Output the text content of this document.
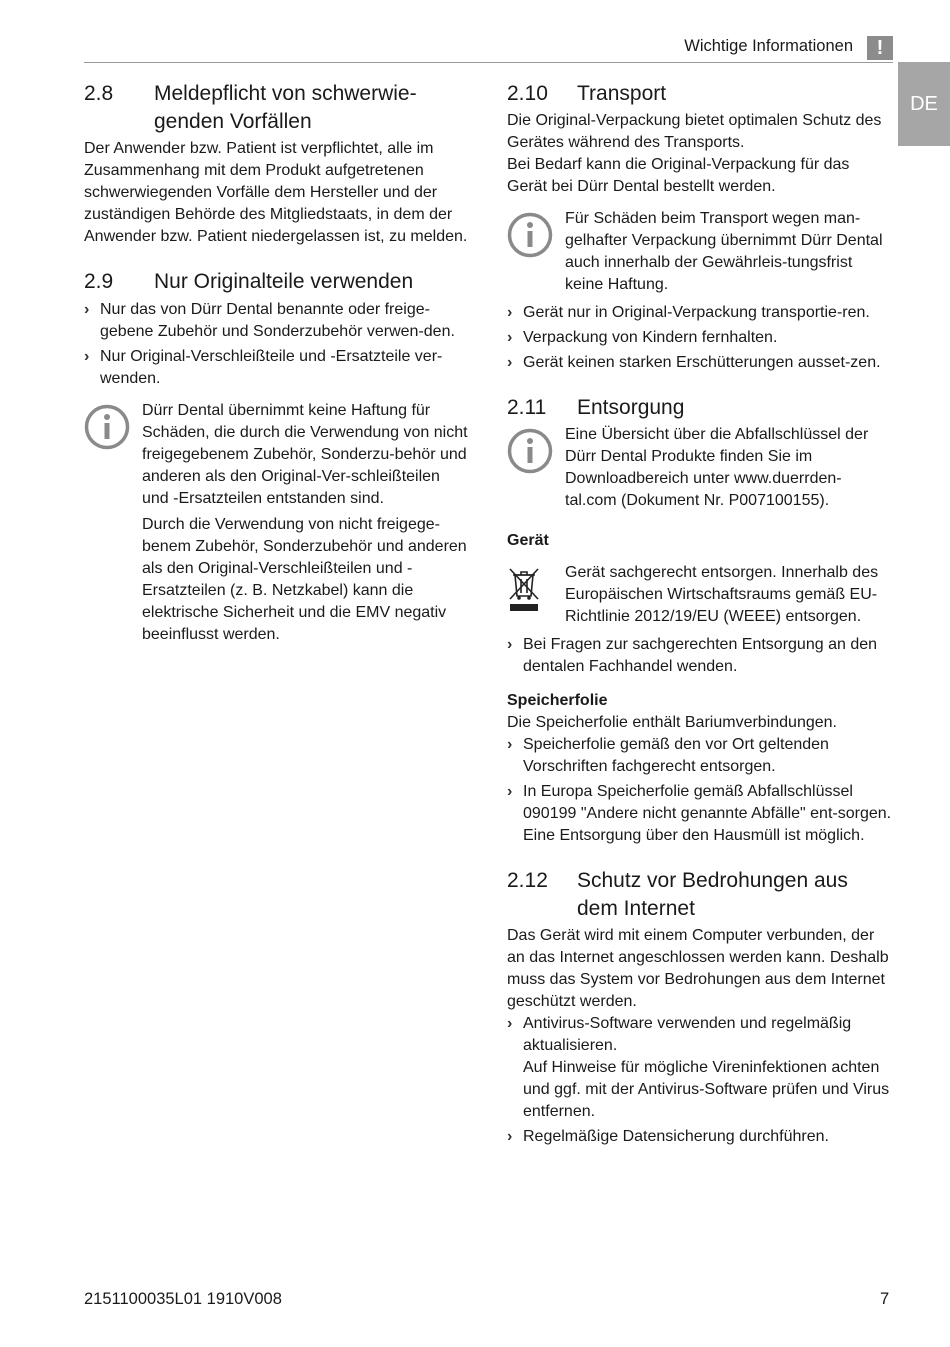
Wichtige Informationen	!
DE
2.8	Meldepflicht von schwerwie-
genden Vorfällen

Der Anwender bzw. Patient ist verpflichtet, alle im Zusammenhang mit dem Produkt aufgetretenen schwerwiegenden Vorfälle dem Hersteller und der zuständigen Behörde des Mitgliedstaats, in dem der Anwender bzw. Patient niedergelassen ist, zu melden.

2.9	Nur Originalteile verwenden
› Nur das von Dürr Dental benannte oder freige-gebene Zubehör und Sonderzubehör verwen-den.
› Nur Original-Verschleißteile und -Ersatzteile ver-wenden.

Dürr Dental übernimmt keine Haftung für Schäden, die durch die Verwendung von nicht freigegebenem Zubehör, Sonderzu-behör und anderen als den Original-Ver-schleißteilen und -Ersatzteilen entstanden sind.

Durch die Verwendung von nicht freigege-benem Zubehör, Sonderzubehör und anderen als den Original-Verschleißteilen und -Ersatzteilen (z. B. Netzkabel) kann die elektrische Sicherheit und die EMV negativ beeinflusst werden.

2.10	Transport

Die Original-Verpackung bietet optimalen Schutz des Gerätes während des Transports.

Bei Bedarf kann die Original-Verpackung für das Gerät bei Dürr Dental bestellt werden.

Für Schäden beim Transport wegen man-gelhafter Verpackung übernimmt Dürr Dental auch innerhalb der Gewährleis-tungsfrist keine Haftung.

› Gerät nur in Original-Verpackung transportie-ren.
› Verpackung von Kindern fernhalten.
› Gerät keinen starken Erschütterungen ausset-zen.
2.11	Entsorgung

Eine Übersicht über die Abfallschlüssel der Dürr Dental Produkte finden Sie im Downloadbereich unter www.duerrden-tal.com (Dokument Nr. P007100155).

Gerät

Gerät sachgerecht entsorgen. Innerhalb des Europäischen Wirtschaftsraums gemäß EU-Richtlinie 2012/19/EU (WEEE) entsorgen.

› Bei Fragen zur sachgerechten Entsorgung an den dentalen Fachhandel wenden.
Speicherfolie

Die Speicherfolie enthält Bariumverbindungen.

› Speicherfolie gemäß den vor Ort geltenden Vorschriften fachgerecht entsorgen.
› In Europa Speicherfolie gemäß Abfallschlüssel 090199 "Andere nicht genannte Abfälle" ent-sorgen. Eine Entsorgung über den Hausmüll ist möglich.
2.12	Schutz vor Bedrohungen aus dem Internet

Das Gerät wird mit einem Computer verbunden, der an das Internet angeschlossen werden kann. Deshalb muss das System vor Bedrohungen aus dem Internet geschützt werden.

› Antivirus-Software verwenden und regelmäßig aktualisieren.
Auf Hinweise für mögliche Vireninfektionen achten und ggf. mit der Antivirus-Software prüfen und Virus entfernen.
› Regelmäßige Datensicherung durchführen.
2151100035L01 1910V008	7
